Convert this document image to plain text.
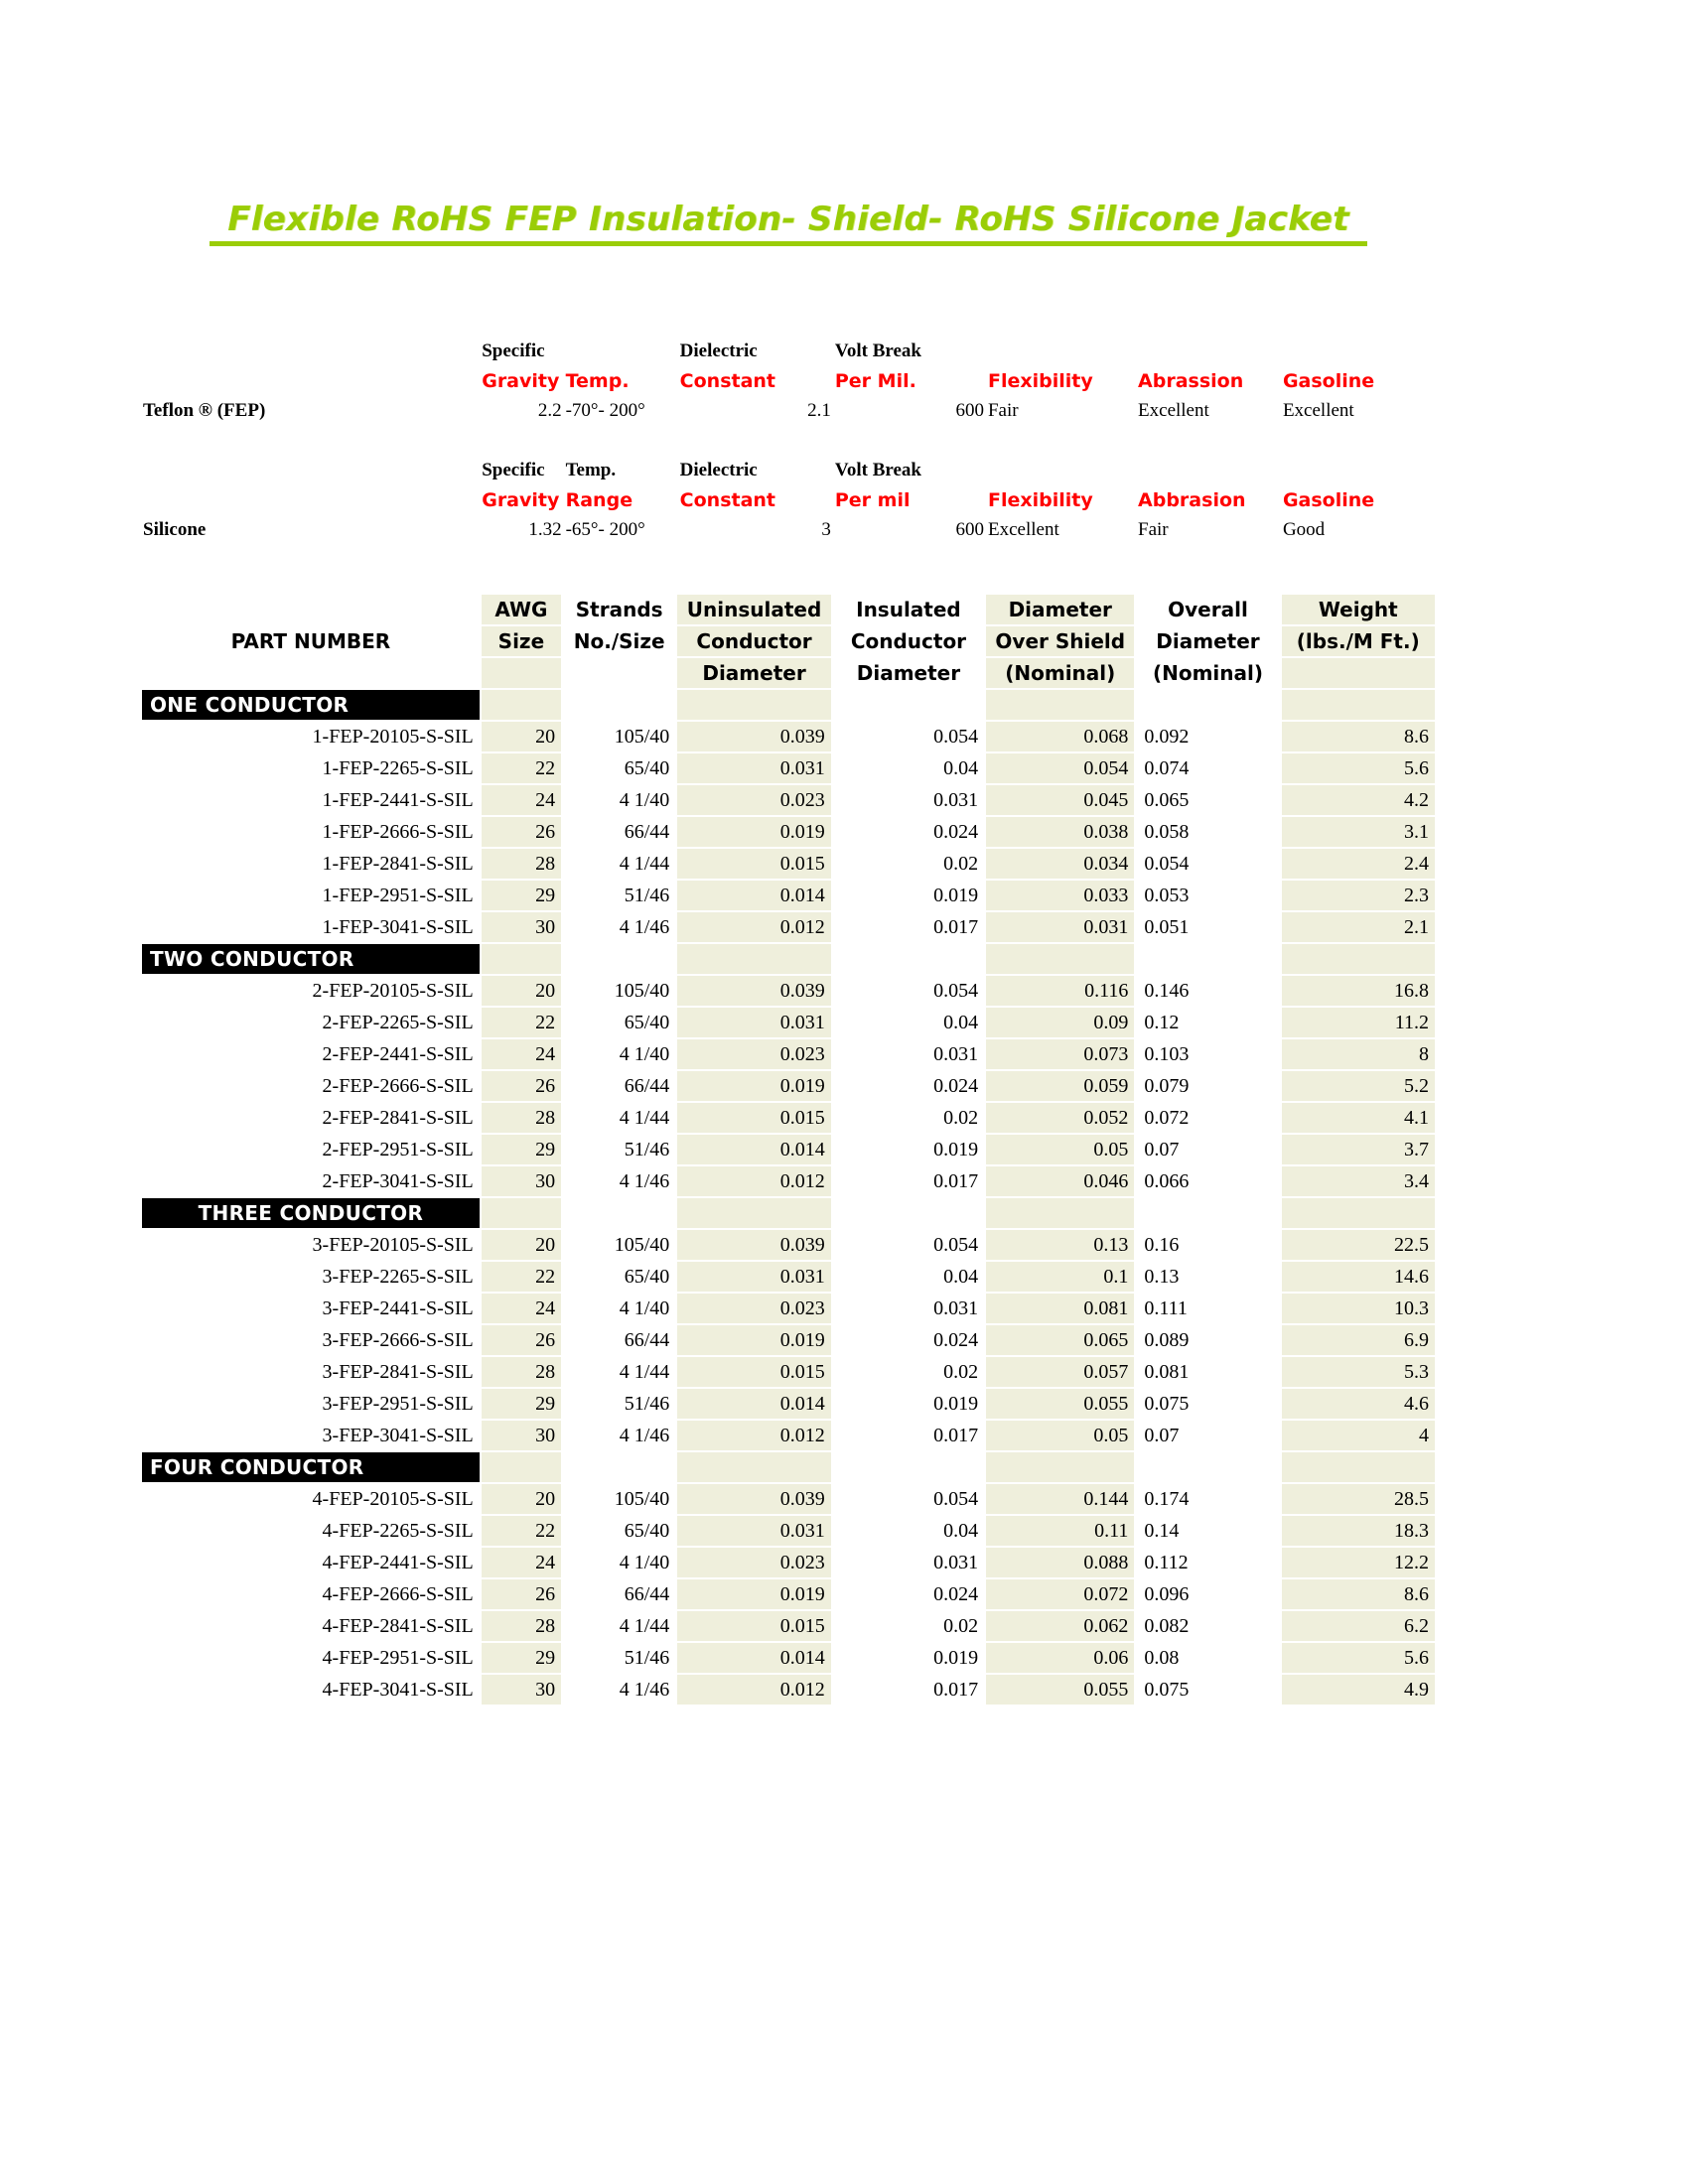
Flexible RoHS FEP Insulation- Shield- RoHS Silicone Jacket								
	Specific		Dielectric	Volt Break				
	Gravity	Temp.	Constant	Per Mil.	Flexibility	Abrassion	Gasoline	
Teflon ® (FEP)	2.2	-70°- 200°	2.1	600	Fair	Excellent	Excellent	

	Specific	Temp.	Dielectric	Volt Break				
	Gravity	Range	Constant	Per mil	Flexibility	Abbrasion	Gasoline	
Silicone	1.32	-65°- 200°	3	600	Excellent	Fair	Good	

	AWG	Strands	Uninsulated	Insulated	Diameter	Overall	Weight	
PART NUMBER	Size	No./Size	Conductor	Conductor	Over Shield	Diameter	(lbs./M Ft.)	
			Diameter	Diameter	(Nominal)	(Nominal)		
ONE CONDUCTOR								
1-FEP-20105-S-SIL	20	105/40	0.039	0.054	0.068	0.092	8.6	
1-FEP-2265-S-SIL	22	65/40	0.031	0.04	0.054	0.074	5.6	
1-FEP-2441-S-SIL	24	4 1/40	0.023	0.031	0.045	0.065	4.2	
1-FEP-2666-S-SIL	26	66/44	0.019	0.024	0.038	0.058	3.1	
1-FEP-2841-S-SIL	28	4 1/44	0.015	0.02	0.034	0.054	2.4	
1-FEP-2951-S-SIL	29	51/46	0.014	0.019	0.033	0.053	2.3	
1-FEP-3041-S-SIL	30	4 1/46	0.012	0.017	0.031	0.051	2.1	
TWO CONDUCTOR								
2-FEP-20105-S-SIL	20	105/40	0.039	0.054	0.116	0.146	16.8	
2-FEP-2265-S-SIL	22	65/40	0.031	0.04	0.09	0.12	11.2	
2-FEP-2441-S-SIL	24	4 1/40	0.023	0.031	0.073	0.103	8	
2-FEP-2666-S-SIL	26	66/44	0.019	0.024	0.059	0.079	5.2	
2-FEP-2841-S-SIL	28	4 1/44	0.015	0.02	0.052	0.072	4.1	
2-FEP-2951-S-SIL	29	51/46	0.014	0.019	0.05	0.07	3.7	
2-FEP-3041-S-SIL	30	4 1/46	0.012	0.017	0.046	0.066	3.4	
THREE CONDUCTOR								
3-FEP-20105-S-SIL	20	105/40	0.039	0.054	0.13	0.16	22.5	
3-FEP-2265-S-SIL	22	65/40	0.031	0.04	0.1	0.13	14.6	
3-FEP-2441-S-SIL	24	4 1/40	0.023	0.031	0.081	0.111	10.3	
3-FEP-2666-S-SIL	26	66/44	0.019	0.024	0.065	0.089	6.9	
3-FEP-2841-S-SIL	28	4 1/44	0.015	0.02	0.057	0.081	5.3	
3-FEP-2951-S-SIL	29	51/46	0.014	0.019	0.055	0.075	4.6	
3-FEP-3041-S-SIL	30	4 1/46	0.012	0.017	0.05	0.07	4	
FOUR CONDUCTOR								
4-FEP-20105-S-SIL	20	105/40	0.039	0.054	0.144	0.174	28.5	
4-FEP-2265-S-SIL	22	65/40	0.031	0.04	0.11	0.14	18.3	
4-FEP-2441-S-SIL	24	4 1/40	0.023	0.031	0.088	0.112	12.2	
4-FEP-2666-S-SIL	26	66/44	0.019	0.024	0.072	0.096	8.6	
4-FEP-2841-S-SIL	28	4 1/44	0.015	0.02	0.062	0.082	6.2	
4-FEP-2951-S-SIL	29	51/46	0.014	0.019	0.06	0.08	5.6	
4-FEP-3041-S-SIL	30	4 1/46	0.012	0.017	0.055	0.075	4.9	
